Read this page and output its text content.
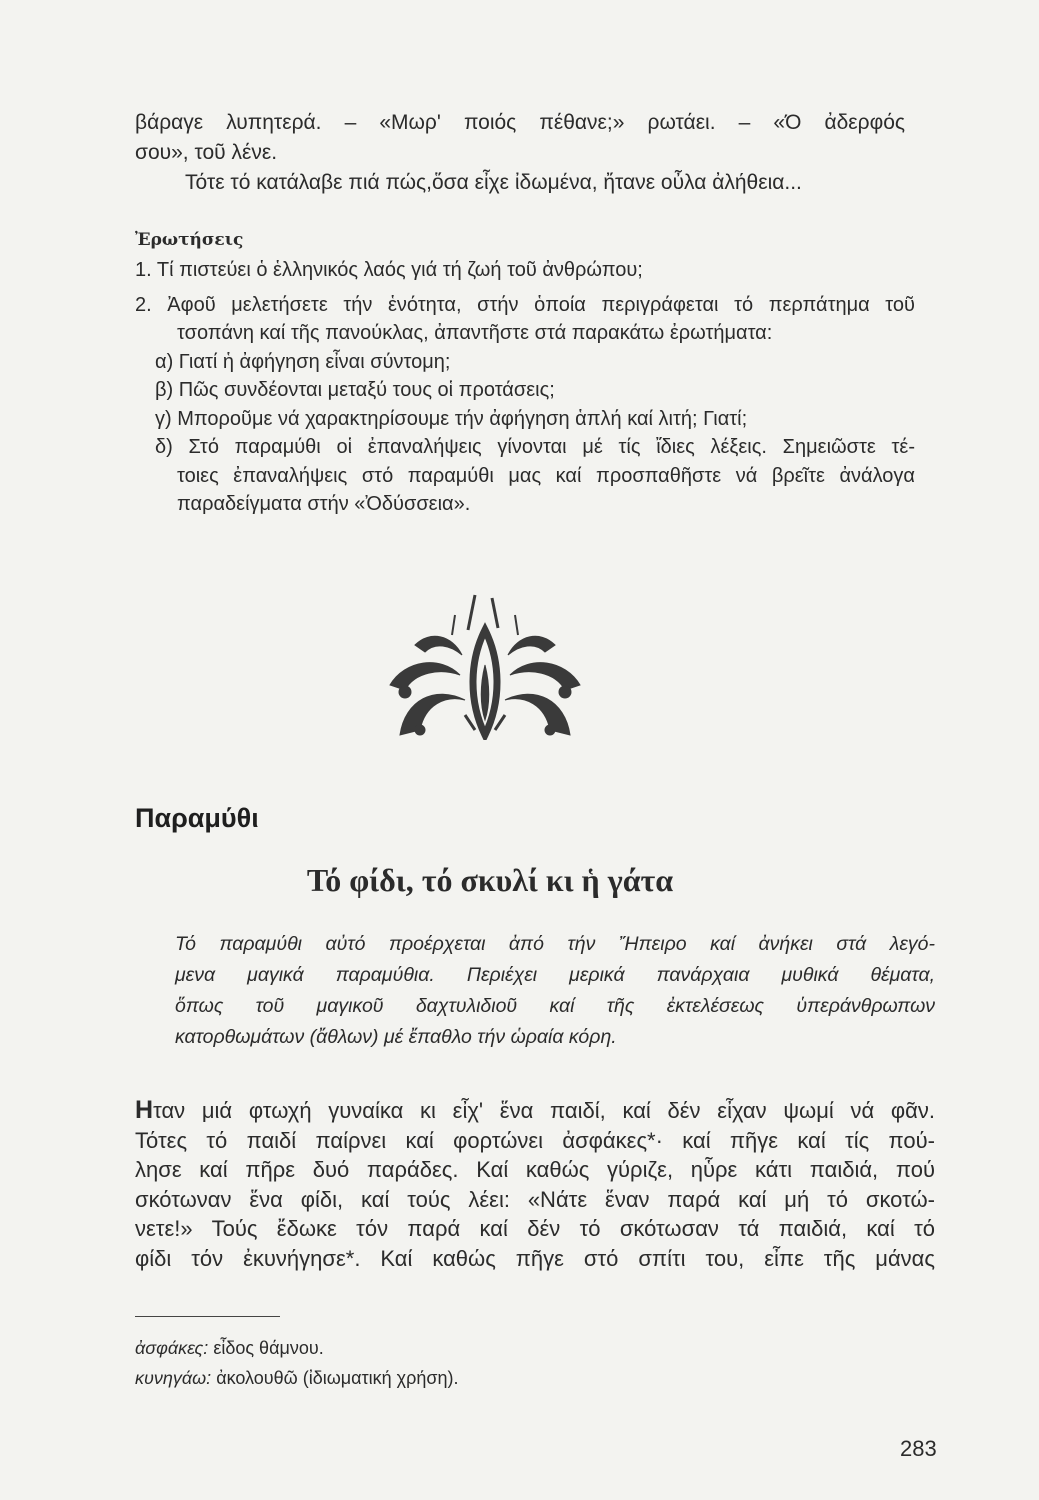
βάραγε λυπητερά. – «Μωρ' ποιός πέθανε;» ρωτάει. – «Ό ἀδερφός
σου», τοῦ λένε.
Τότε τό κατάλαβε πιά πώς,ὅσα εἶχε ἰδωμένα, ἤτανε οὖλα ἀλήθεια...
Ἐρωτήσεις
1. Τί πιστεύει ὁ ἑλληνικός λαός γιά τή ζωή τοῦ ἀνθρώπου;
2. Ἀφοῦ μελετήσετε τήν ἑνότητα, στήν ὁποία περιγράφεται τό περπάτημα τοῦ
τσοπάνη καί τῆς πανούκλας, ἀπαντῆστε στά παρακάτω ἐρωτήματα:
α) Γιατί ἡ ἀφήγηση εἶναι σύντομη;
β) Πῶς συνδέονται μεταξύ τους οἱ προτάσεις;
γ) Μποροῦμε νά χαρακτηρίσουμε τήν ἀφήγηση ἁπλή καί λιτή; Γιατί;
δ) Στό παραμύθι οἱ ἐπαναλήψεις γίνονται μέ τίς ἴδιες λέξεις. Σημειῶστε τέ-
τοιες ἐπαναλήψεις στό παραμύθι μας καί προσπαθῆστε νά βρεῖτε ἀνάλογα
παραδείγματα στήν «Ὀδύσσεια».
Παραμύθι
Τό φίδι, τό σκυλί κι ἡ γάτα
Τό παραμύθι αὐτό προέρχεται ἀπό τήν Ἤπειρο καί ἀνήκει στά λεγό-
μενα μαγικά παραμύθια. Περιέχει μερικά πανάρχαια μυθικά θέματα,
ὅπως τοῦ μαγικοῦ δαχτυλιδιοῦ καί τῆς ἐκτελέσεως ὑπεράνθρωπων
κατορθωμάτων (ἄθλων) μέ ἔπαθλο τήν ὡραία κόρη.
Ηταν μιά φτωχή γυναίκα κι εἶχ' ἕνα παιδί, καί δέν εἶχαν ψωμί νά φᾶν.
Τότες τό παιδί παίρνει καί φορτώνει ἀσφάκες*· καί πῆγε καί τίς πού-
λησε καί πῆρε δυό παράδες. Καί καθώς γύριζε, ηὗρε κάτι παιδιά, πού
σκότωναν ἕνα φίδι, καί τούς λέει: «Νάτε ἕναν παρά καί μή τό σκοτώ-
νετε!» Τούς ἔδωκε τόν παρά καί δέν τό σκότωσαν τά παιδιά, καί τό
φίδι τόν ἐκυνήγησε*. Καί καθώς πῆγε στό σπίτι του, εἶπε τῆς μάνας
ἀσφάκες: εἶδος θάμνου.
κυνηγάω: ἀκολουθῶ (ἰδιωματική χρήση).
283
